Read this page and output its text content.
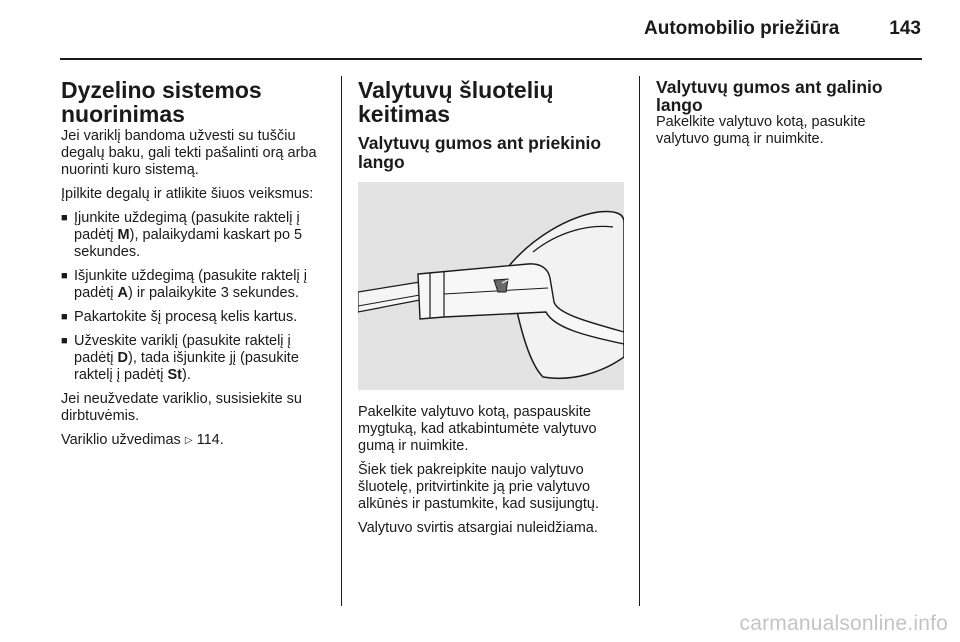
Automobilio priežiūra	143
Dyzelino sistemos nuorinimas

Jei variklį bandoma užvesti su tuščiu degalų baku, gali tekti pašalinti orą arba nuorinti kuro sistemą.

Įpilkite degalų ir atlikite šiuos veiksmus:

■ Įjunkite uždegimą (pasukite raktelį į padėtį M), palaikydami kaskart po 5 sekundes.
■ Išjunkite uždegimą (pasukite raktelį į padėtį A) ir palaikykite 3 sekundes.
■ Pakartokite šį procesą kelis kartus.
■ Užveskite variklį (pasukite raktelį į padėtį D), tada išjunkite jį (pasukite raktelį į padėtį St).

Jei neužvedate variklio, susisiekite su dirbtuvėmis.

Variklio užvedimas ▷ 114.

Valytuvų šluotelių keitimas
Valytuvų gumos ant priekinio lango

Pakelkite valytuvo kotą, paspauskite mygtuką, kad atkabintumėte valytuvo gumą ir nuimkite.

Šiek tiek pakreipkite naujo valytuvo šluotelę, pritvirtinkite ją prie valytuvo alkūnės ir pastumkite, kad susijungtų.

Valytuvo svirtis atsargiai nuleidžiama.

Valytuvų gumos ant galinio lango

Pakelkite valytuvo kotą, pasukite valytuvo gumą ir nuimkite.

carmanualsonline.info
